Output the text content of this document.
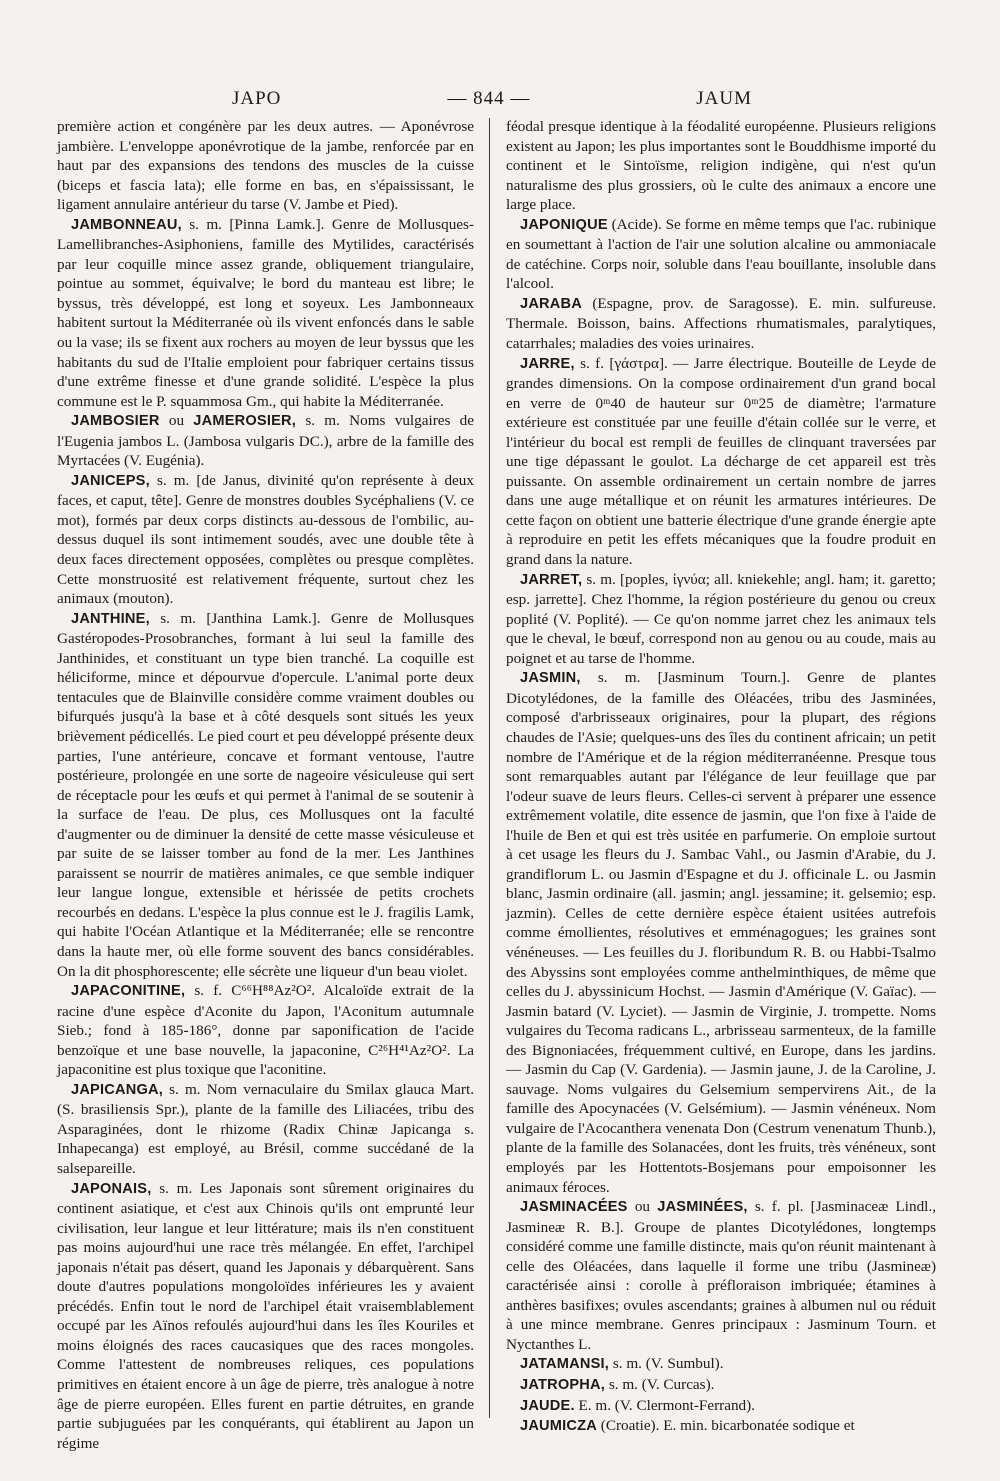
JAPO	— 844 —	JAUM

première action et congénère par les deux autres. — Aponévrose jambière. L'enveloppe aponévrotique de la jambe, renforcée par en haut par des expansions des tendons des muscles de la cuisse (biceps et fascia lata); elle forme en bas, en s'épaississant, le ligament annulaire antérieur du tarse (V. Jambe et Pied).

JAMBONNEAU, s. m. [Pinna Lamk.]. Genre de Mollusques-Lamellibranches-Asiphoniens, famille des Mytilides, caractérisés par leur coquille mince assez grande, obliquement triangulaire, pointue au sommet, équivalve; le bord du manteau est libre; le byssus, très développé, est long et soyeux. Les Jambonneaux habitent surtout la Méditerranée où ils vivent enfoncés dans le sable ou la vase; ils se fixent aux rochers au moyen de leur byssus que les habitants du sud de l'Italie emploient pour fabriquer certains tissus d'une extrême finesse et d'une grande solidité. L'espèce la plus commune est le P. squammosa Gm., qui habite la Méditerranée.

JAMBOSIER ou JAMEROSIER, s. m. Noms vulgaires de l'Eugenia jambos L. (Jambosa vulgaris DC.), arbre de la famille des Myrtacées (V. Eugénia).

JANICEPS, s. m. [de Janus, divinité qu'on représente à deux faces, et caput, tête]. Genre de monstres doubles Sycéphaliens (V. ce mot), formés par deux corps distincts au-dessous de l'ombilic, au-dessus duquel ils sont intimement soudés, avec une double tête à deux faces directement opposées, complètes ou presque complètes. Cette monstruosité est relativement fréquente, surtout chez les animaux (mouton).

JANTHINE, s. m. [Janthina Lamk.]. Genre de Mollusques Gastéropodes-Prosobranches, formant à lui seul la famille des Janthinides, et constituant un type bien tranché. La coquille est héliciforme, mince et dépourvue d'opercule. L'animal porte deux tentacules que de Blainville considère comme vraiment doubles ou bifurqués jusqu'à la base et à côté desquels sont situés les yeux brièvement pédicellés. Le pied court et peu développé présente deux parties, l'une antérieure, concave et formant ventouse, l'autre postérieure, prolongée en une sorte de nageoire vésiculeuse qui sert de réceptacle pour les œufs et qui permet à l'animal de se soutenir à la surface de l'eau. De plus, ces Mollusques ont la faculté d'augmenter ou de diminuer la densité de cette masse vésiculeuse et par suite de se laisser tomber au fond de la mer. Les Janthines paraissent se nourrir de matières animales, ce que semble indiquer leur langue longue, extensible et hérissée de petits crochets recourbés en dedans. L'espèce la plus connue est le J. fragilis Lamk, qui habite l'Océan Atlantique et la Méditerranée; elle se rencontre dans la haute mer, où elle forme souvent des bancs considérables. On la dit phosphorescente; elle sécrète une liqueur d'un beau violet.

JAPACONITINE, s. f. C⁶⁶H⁸⁸Az²O². Alcaloïde extrait de la racine d'une espèce d'Aconite du Japon, l'Aconitum autumnale Sieb.; fond à 185-186°, donne par saponification de l'acide benzoïque et une base nouvelle, la japaconine, C²⁶H⁴¹Az²O². La japaconitine est plus toxique que l'aconitine.

JAPICANGA, s. m. Nom vernaculaire du Smilax glauca Mart. (S. brasiliensis Spr.), plante de la famille des Liliacées, tribu des Asparaginées, dont le rhizome (Radix Chinæ Japicanga s. Inhapecanga) est employé, au Brésil, comme succédané de la salsepareille.

JAPONAIS, s. m. Les Japonais sont sûrement originaires du continent asiatique, et c'est aux Chinois qu'ils ont emprunté leur civilisation, leur langue et leur littérature; mais ils n'en constituent pas moins aujourd'hui une race très mélangée. En effet, l'archipel japonais n'était pas désert, quand les Japonais y débarquèrent. Sans doute d'autres populations mongoloïdes inférieures les y avaient précédés. Enfin tout le nord de l'archipel était vraisemblablement occupé par les Aïnos refoulés aujourd'hui dans les îles Kouriles et moins éloignés des races caucasiques que des races mongoles. Comme l'attestent de nombreuses reliques, ces populations primitives en étaient encore à un âge de pierre, très analogue à notre âge de pierre européen. Elles furent en partie détruites, en grande partie subjuguées par les conquérants, qui établirent au Japon un régime

féodal presque identique à la féodalité européenne. Plusieurs religions existent au Japon; les plus importantes sont le Bouddhisme importé du continent et le Sintoïsme, religion indigène, qui n'est qu'un naturalisme des plus grossiers, où le culte des animaux a encore une large place.

JAPONIQUE (Acide). Se forme en même temps que l'ac. rubinique en soumettant à l'action de l'air une solution alcaline ou ammoniacale de catéchine. Corps noir, soluble dans l'eau bouillante, insoluble dans l'alcool.

JARABA (Espagne, prov. de Saragosse). E. min. sulfureuse. Thermale. Boisson, bains. Affections rhumatismales, paralytiques, catarrhales; maladies des voies urinaires.

JARRE, s. f. [γάστρα]. — Jarre électrique. Bouteille de Leyde de grandes dimensions. On la compose ordinairement d'un grand bocal en verre de 0ᵐ40 de hauteur sur 0ᵐ25 de diamètre; l'armature extérieure est constituée par une feuille d'étain collée sur le verre, et l'intérieur du bocal est rempli de feuilles de clinquant traversées par une tige dépassant le goulot. La décharge de cet appareil est très puissante. On assemble ordinairement un certain nombre de jarres dans une auge métallique et on réunit les armatures intérieures. De cette façon on obtient une batterie électrique d'une grande énergie apte à reproduire en petit les effets mécaniques que la foudre produit en grand dans la nature.

JARRET, s. m. [poples, ἰγνύα; all. kniekehle; angl. ham; it. garetto; esp. jarrette]. Chez l'homme, la région postérieure du genou ou creux poplité (V. Poplité). — Ce qu'on nomme jarret chez les animaux tels que le cheval, le bœuf, correspond non au genou ou au coude, mais au poignet et au tarse de l'homme.

JASMIN, s. m. [Jasminum Tourn.]. Genre de plantes Dicotylédones, de la famille des Oléacées, tribu des Jasminées, composé d'arbrisseaux originaires, pour la plupart, des régions chaudes de l'Asie; quelques-uns des îles du continent africain; un petit nombre de l'Amérique et de la région méditerranéenne. Presque tous sont remarquables autant par l'élégance de leur feuillage que par l'odeur suave de leurs fleurs. Celles-ci servent à préparer une essence extrêmement volatile, dite essence de jasmin, que l'on fixe à l'aide de l'huile de Ben et qui est très usitée en parfumerie. On emploie surtout à cet usage les fleurs du J. Sambac Vahl., ou Jasmin d'Arabie, du J. grandiflorum L. ou Jasmin d'Espagne et du J. officinale L. ou Jasmin blanc, Jasmin ordinaire (all. jasmin; angl. jessamine; it. gelsemio; esp. jazmin). Celles de cette dernière espèce étaient usitées autrefois comme émollientes, résolutives et emménagogues; les graines sont vénéneuses. — Les feuilles du J. floribundum R. B. ou Habbi-Tsalmo des Abyssins sont employées comme anthelminthiques, de même que celles du J. abyssinicum Hochst. — Jasmin d'Amérique (V. Gaïac). — Jasmin batard (V. Lyciet). — Jasmin de Virginie, J. trompette. Noms vulgaires du Tecoma radicans L., arbrisseau sarmenteux, de la famille des Bignoniacées, fréquemment cultivé, en Europe, dans les jardins. — Jasmin du Cap (V. Gardenia). — Jasmin jaune, J. de la Caroline, J. sauvage. Noms vulgaires du Gelsemium sempervirens Ait., de la famille des Apocynacées (V. Gelsémium). — Jasmin vénéneux. Nom vulgaire de l'Acocanthera venenata Don (Cestrum venenatum Thunb.), plante de la famille des Solanacées, dont les fruits, très vénéneux, sont employés par les Hottentots-Bosjemans pour empoisonner les animaux féroces.

JASMINACÉES ou JASMINÉES, s. f. pl. [Jasminaceæ Lindl., Jasmineæ R. B.]. Groupe de plantes Dicotylédones, longtemps considéré comme une famille distincte, mais qu'on réunit maintenant à celle des Oléacées, dans laquelle il forme une tribu (Jasmineæ) caractérisée ainsi : corolle à préfloraison imbriquée; étamines à anthères basifixes; ovules ascendants; graines à albumen nul ou réduit à une mince membrane. Genres principaux : Jasminum Tourn. et Nyctanthes L.

JATAMANSI, s. m. (V. Sumbul).

JATROPHA, s. m. (V. Curcas).

JAUDE. E. m. (V. Clermont-Ferrand).

JAUMICZA (Croatie). E. min. bicarbonatée sodique et
